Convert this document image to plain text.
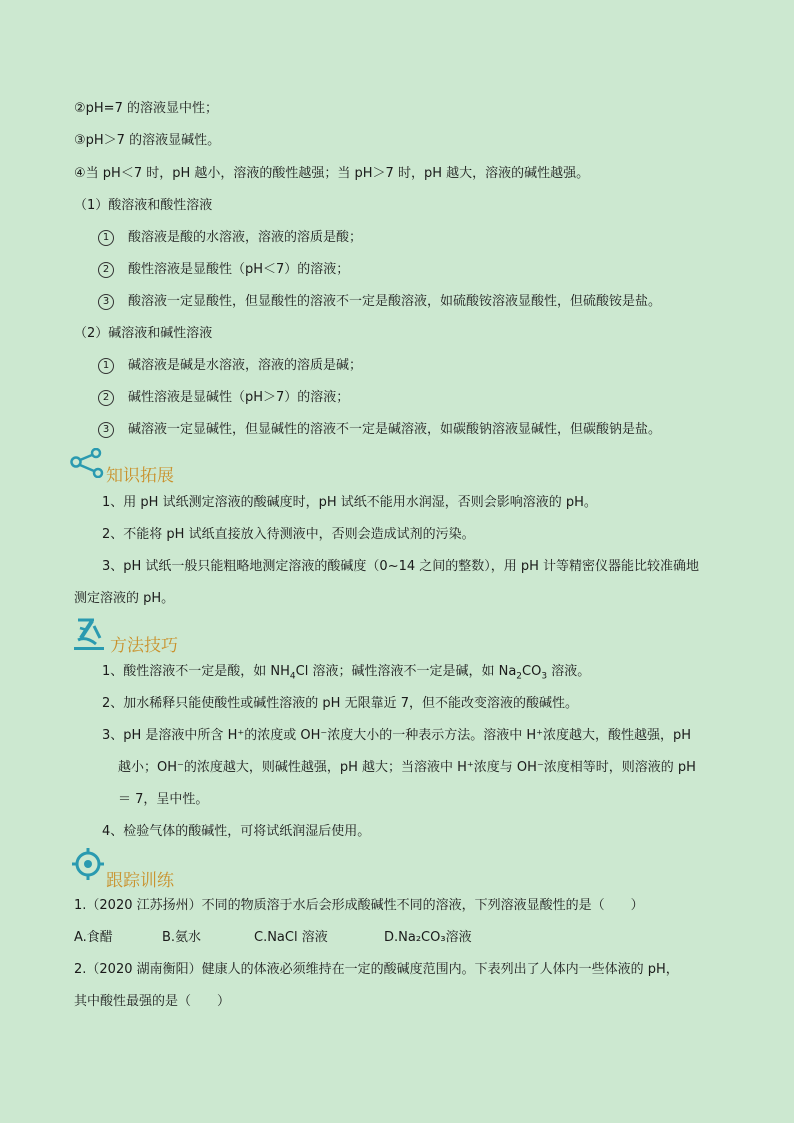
②pH=7 的溶液显中性；
③pH＞7 的溶液显碱性。
④当 pH＜7 时，pH 越小，溶液的酸性越强；当 pH＞7 时，pH 越大，溶液的碱性越强。
（1）酸溶液和酸性溶液
1 酸溶液是酸的水溶液，溶液的溶质是酸；
2 酸性溶液是显酸性（pH＜7）的溶液；
3 酸溶液一定显酸性，但显酸性的溶液不一定是酸溶液，如硫酸铵溶液显酸性，但硫酸铵是盐。
（2）碱溶液和碱性溶液
1 碱溶液是碱是水溶液，溶液的溶质是碱；
2 碱性溶液是显碱性（pH＞7）的溶液；
3 碱溶液一定显碱性，但显碱性的溶液不一定是碱溶液，如碳酸钠溶液显碱性，但碳酸钠是盐。
知识拓展
1、用 pH 试纸测定溶液的酸碱度时，pH 试纸不能用水润湿，否则会影响溶液的 pH。
2、不能将 pH 试纸直接放入待测液中，否则会造成试剂的污染。
3、pH 试纸一般只能粗略地测定溶液的酸碱度（0~14 之间的整数），用 pH 计等精密仪器能比较准确地
测定溶液的 pH。
方法技巧
1、酸性溶液不一定是酸，如 $NH_4Cl$ 溶液；碱性溶液不一定是碱，如 $Na_2CO_3$ 溶液。
2、加水稀释只能使酸性或碱性溶液的 pH 无限靠近 7，但不能改变溶液的酸碱性。
3、pH 是溶液中所含 H⁺的浓度或 OH⁻浓度大小的一种表示方法。溶液中 H⁺浓度越大，酸性越强，pH
越小；OH⁻的浓度越大，则碱性越强，pH 越大；当溶液中 H⁺浓度与 OH⁻浓度相等时，则溶液的 pH
＝ 7，呈中性。
4、检验气体的酸碱性，可将试纸润湿后使用。
跟踪训练
1.（2020 江苏扬州）不同的物质溶于水后会形成酸碱性不同的溶液，下列溶液显酸性的是（　　）
A.食醋	B.氨水	C.NaCl 溶液	D.Na₂CO₃溶液
2.（2020 湖南衡阳）健康人的体液必须维持在一定的酸碱度范围内。下表列出了人体内一些体液的 pH，
其中酸性最强的是（　　）
